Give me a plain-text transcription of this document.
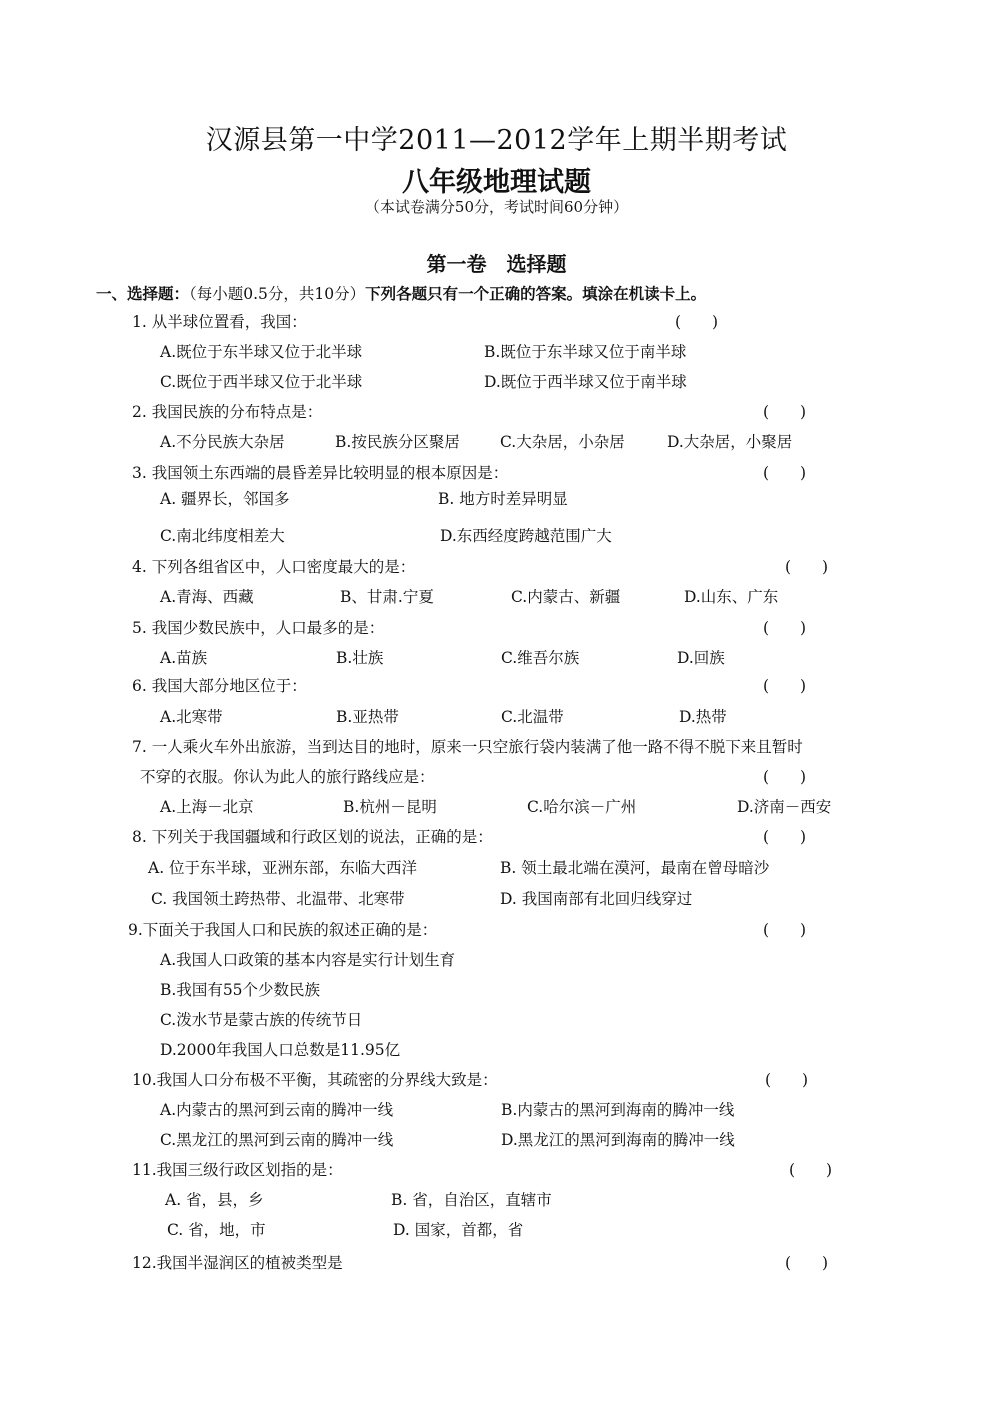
汉源县第一中学2011—2012学年上期半期考试
八年级地理试题
（本试卷满分50分，考试时间60分钟）
第一卷　选择题
一、选择题：（每小题0.5分，共10分）下列各题只有一个正确的答案。填涂在机读卡上。
1. 从半球位置看，我国：	(　　)
A.既位于东半球又位于北半球	B.既位于东半球又位于南半球
C.既位于西半球又位于北半球	D.既位于西半球又位于南半球
2. 我国民族的分布特点是：	(　　)
A.不分民族大杂居	B.按民族分区聚居	C.大杂居，小杂居	D.大杂居，小聚居
3. 我国领土东西端的晨昏差异比较明显的根本原因是：	(　　)
A. 疆界长，邻国多	B. 地方时差异明显
C.南北纬度相差大	D.东西经度跨越范围广大
4. 下列各组省区中，人口密度最大的是：	(　　)
A.青海、西藏	B、甘肃.宁夏	C.内蒙古、新疆	D.山东、广东
5. 我国少数民族中，人口最多的是：	(　　)
A.苗族	B.壮族	C.维吾尔族	D.回族
6. 我国大部分地区位于：	(　　)
A.北寒带	B.亚热带	C.北温带	D.热带
7. 一人乘火车外出旅游，当到达目的地时，原来一只空旅行袋内装满了他一路不得不脱下来且暂时
不穿的衣服。你认为此人的旅行路线应是：	(　　)
A.上海－北京	B.杭州－昆明	C.哈尔滨－广州	D.济南－西安
8. 下列关于我国疆域和行政区划的说法，正确的是：	(　　)
A. 位于东半球，亚洲东部，东临大西洋	B. 领土最北端在漠河，最南在曾母暗沙
C. 我国领土跨热带、北温带、北寒带	D. 我国南部有北回归线穿过
9.下面关于我国人口和民族的叙述正确的是：	(　　)
A.我国人口政策的基本内容是实行计划生育
B.我国有55个少数民族
C.泼水节是蒙古族的传统节日
D.2000年我国人口总数是11.95亿
10.我国人口分布极不平衡，其疏密的分界线大致是：	(　　)
A.内蒙古的黑河到云南的腾冲一线	B.内蒙古的黑河到海南的腾冲一线
C.黑龙江的黑河到云南的腾冲一线	D.黑龙江的黑河到海南的腾冲一线
11.我国三级行政区划指的是：	(　　)
A. 省，县，乡	B. 省，自治区，直辖市
C. 省，地，市	D. 国家，首都，省
12.我国半湿润区的植被类型是	(　　)
